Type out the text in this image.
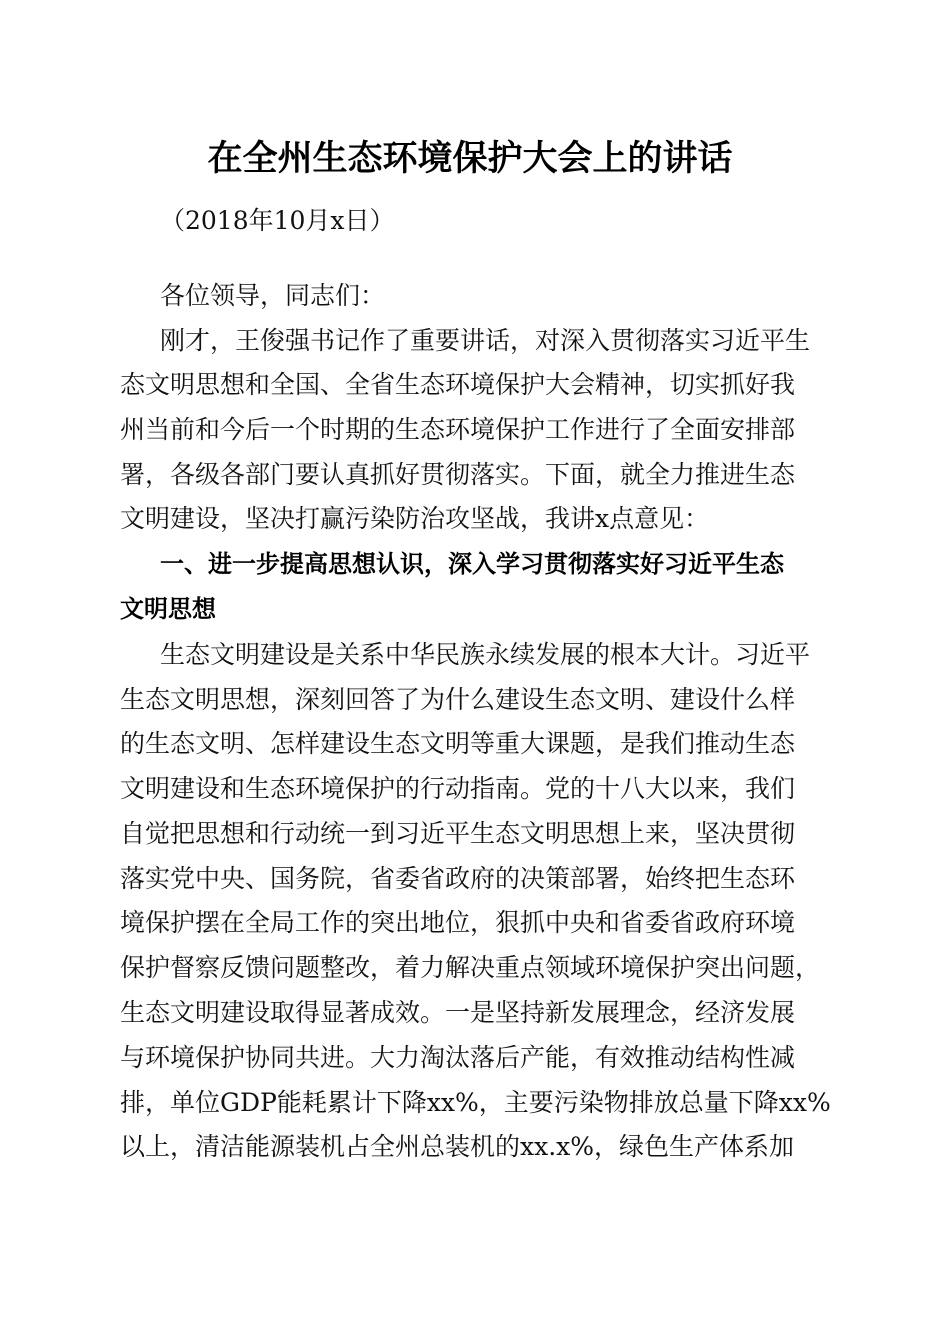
在全州生态环境保护大会上的讲话
（2018年10月x日）
各位领导，同志们：
刚才，王俊强书记作了重要讲话，对深入贯彻落实习近平生
态文明思想和全国、全省生态环境保护大会精神，切实抓好我
州当前和今后一个时期的生态环境保护工作进行了全面安排部
署，各级各部门要认真抓好贯彻落实。下面，就全力推进生态
文明建设，坚决打赢污染防治攻坚战，我讲x点意见：
一、进一步提高思想认识，深入学习贯彻落实好习近平生态
文明思想
生态文明建设是关系中华民族永续发展的根本大计。习近平
生态文明思想，深刻回答了为什么建设生态文明、建设什么样
的生态文明、怎样建设生态文明等重大课题，是我们推动生态
文明建设和生态环境保护的行动指南。党的十八大以来，我们
自觉把思想和行动统一到习近平生态文明思想上来，坚决贯彻
落实党中央、国务院，省委省政府的决策部署，始终把生态环
境保护摆在全局工作的突出地位，狠抓中央和省委省政府环境
保护督察反馈问题整改，着力解决重点领域环境保护突出问题，
生态文明建设取得显著成效。一是坚持新发展理念，经济发展
与环境保护协同共进。大力淘汰落后产能，有效推动结构性减
排，单位GDP能耗累计下降xx%，主要污染物排放总量下降xx%
以上，清洁能源装机占全州总装机的xx.x%，绿色生产体系加
